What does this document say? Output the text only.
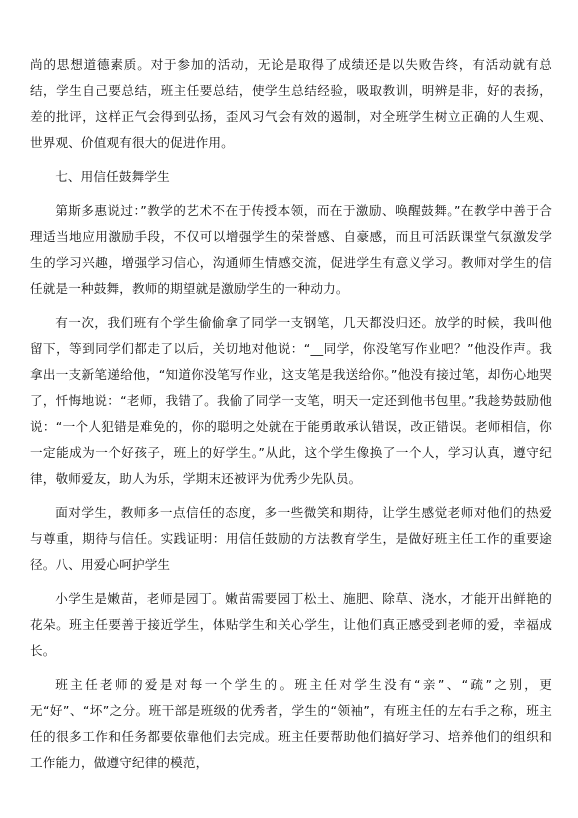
尚的思想道德素质。对于参加的活动，无论是取得了成绩还是以失败告终，有活动就有总结，学生自己要总结，班主任要总结，使学生总结经验，吸取教训，明辨是非，好的表扬，差的批评，这样正气会得到弘扬，歪风习气会有效的遏制，对全班学生树立正确的人生观、世界观、价值观有很大的促进作用。

七、用信任鼓舞学生

第斯多惠说过：”教学的艺术不在于传授本领，而在于激励、唤醒鼓舞。”在教学中善于合理适当地应用激励手段，不仅可以增强学生的荣誉感、自豪感，而且可活跃课堂气氛激发学生的学习兴趣，增强学习信心，沟通师生情感交流，促进学生有意义学习。教师对学生的信任就是一种鼓舞，教师的期望就是激励学生的一种动力。

有一次，我们班有个学生偷偷拿了同学一支钢笔，几天都没归还。放学的时候，我叫他留下，等到同学们都走了以后，关切地对他说：“__同学，你没笔写作业吧？”他没作声。我拿出一支新笔递给他，“知道你没笔写作业，这支笔是我送给你。”他没有接过笔，却伤心地哭了，忏悔地说：“老师，我错了。我偷了同学一支笔，明天一定还到他书包里。”我趁势鼓励他说：“一个人犯错是难免的，你的聪明之处就在于能勇敢承认错误，改正错误。老师相信，你一定能成为一个好孩子，班上的好学生。”从此，这个学生像换了一个人，学习认真，遵守纪律，敬师爱友，助人为乐，学期末还被评为优秀少先队员。

面对学生，教师多一点信任的态度，多一些微笑和期待，让学生感觉老师对他们的热爱与尊重，期待与信任。实践证明：用信任鼓励的方法教育学生，是做好班主任工作的重要途径。八、用爱心呵护学生

小学生是嫩苗，老师是园丁。嫩苗需要园丁松土、施肥、除草、浇水，才能开出鲜艳的花朵。班主任要善于接近学生，体贴学生和关心学生，让他们真正感受到老师的爱，幸福成长。

班主任老师的爱是对每一个学生的。班主任对学生没有“亲”、“疏”之别，更无“好”、“坏”之分。班干部是班级的优秀者，学生的“领袖”，有班主任的左右手之称，班主任的很多工作和任务都要依靠他们去完成。班主任要帮助他们搞好学习、培养他们的组织和工作能力，做遵守纪律的模范，
